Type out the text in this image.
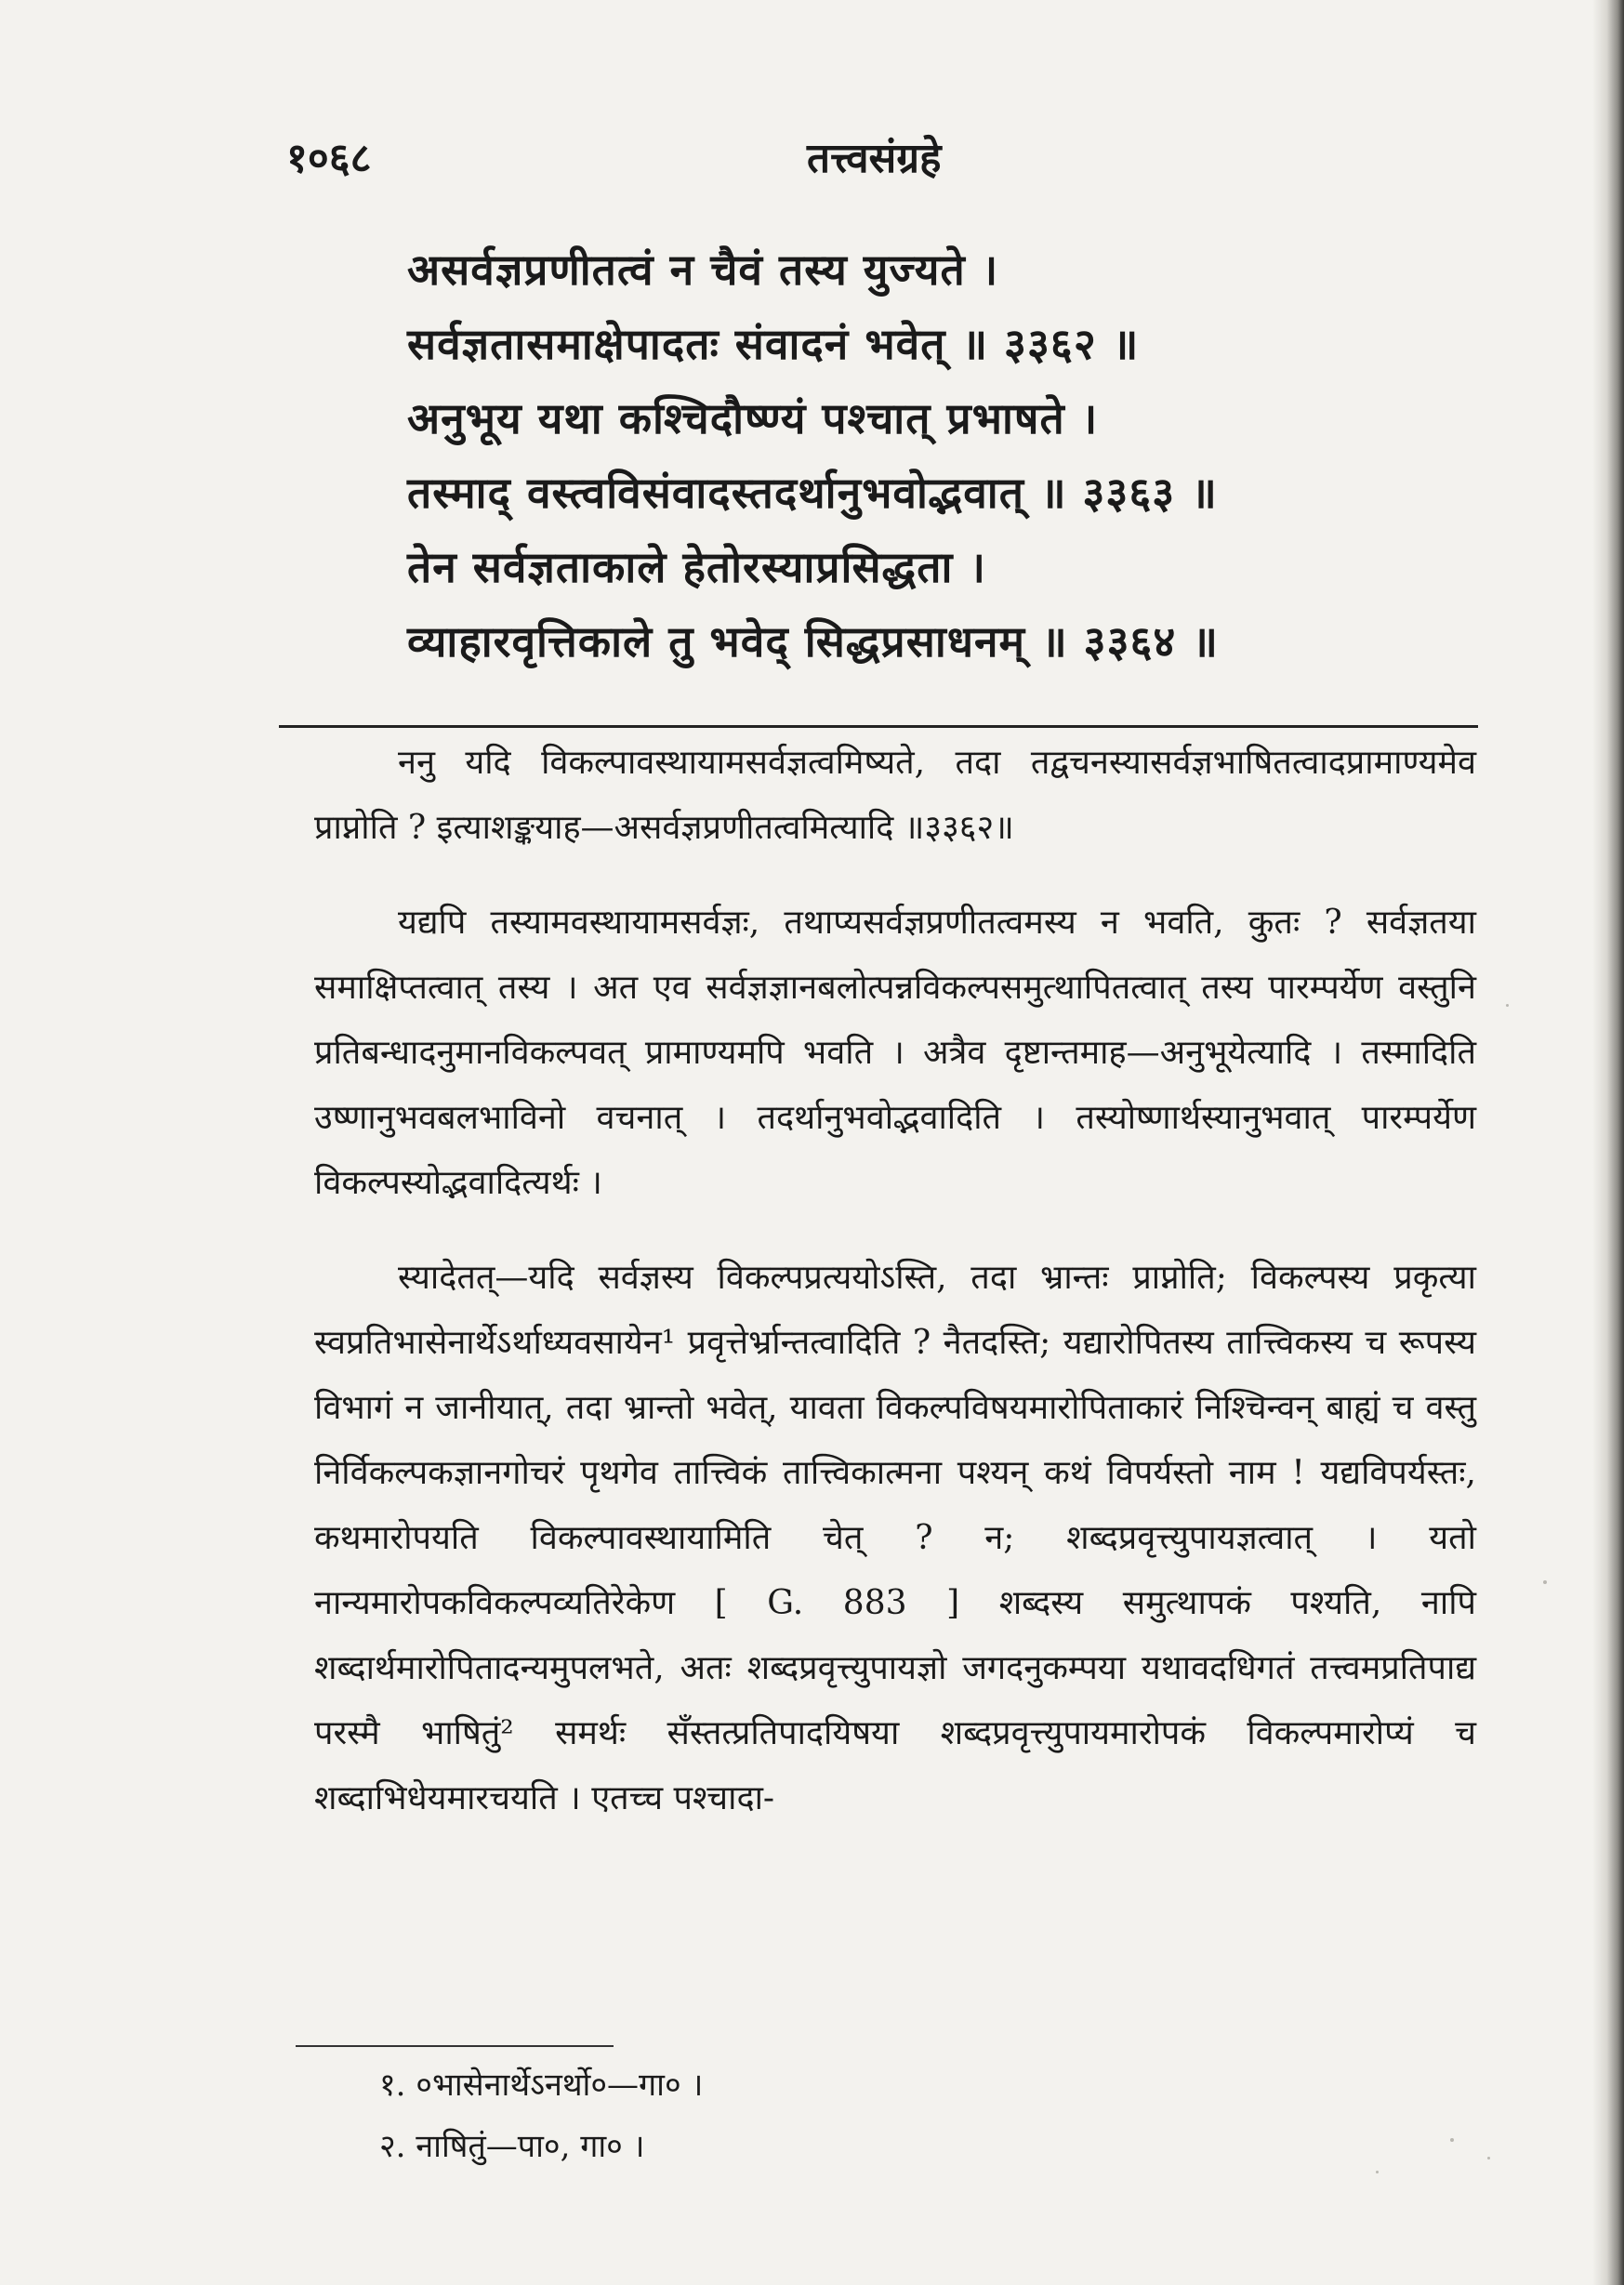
१०६८	तत्त्वसंग्रहे
असर्वज्ञप्रणीतत्वं न चैवं तस्य युज्यते ।
सर्वज्ञतासमाक्षेपादतः संवादनं भवेत् ॥ ३३६२ ॥
अनुभूय यथा कश्चिदौष्ण्यं पश्चात् प्रभाषते ।
तस्माद् वस्त्वविसंवादस्तदर्थानुभवोद्भवात् ॥ ३३६३ ॥
तेन सर्वज्ञताकाले हेतोरस्याप्रसिद्धता ।
व्याहारवृत्तिकाले तु भवेद् सिद्धप्रसाधनम् ॥ ३३६४ ॥

ननु यदि विकल्पावस्थायामसर्वज्ञत्वमिष्यते, तदा तद्वचनस्यासर्वज्ञभाषितत्वादप्रामाण्यमेव प्राप्नोति ? इत्याशङ्कयाह—असर्वज्ञप्रणीतत्वमित्यादि ॥३३६२॥

यद्यपि तस्यामवस्थायामसर्वज्ञः, तथाप्यसर्वज्ञप्रणीतत्वमस्य न भवति, कुतः ? सर्वज्ञतया समाक्षिप्तत्वात् तस्य । अत एव सर्वज्ञज्ञानबलोत्पन्नविकल्पसमुत्थापितत्वात् तस्य पारम्पर्येण वस्तुनि प्रतिबन्धादनुमानविकल्पवत् प्रामाण्यमपि भवति । अत्रैव दृष्टान्तमाह—अनुभूयेत्यादि । तस्मादिति उष्णानुभवबलभाविनो वचनात् । तदर्थानुभवोद्भवादिति । तस्योष्णार्थस्यानुभवात् पारम्पर्येण विकल्पस्योद्भवादित्यर्थः ।

स्यादेतत्—यदि सर्वज्ञस्य विकल्पप्रत्ययोऽस्ति, तदा भ्रान्तः प्राप्नोति; विकल्पस्य प्रकृत्या स्वप्रतिभासेनार्थेऽर्थाध्यवसायेन¹ प्रवृत्तेर्भ्रान्तत्वादिति ? नैतदस्ति; यद्यारोपितस्य तात्त्विकस्य च रूपस्य विभागं न जानीयात्, तदा भ्रान्तो भवेत्, यावता विकल्पविषयमारोपिताकारं निश्चिन्वन् बाह्यं च वस्तु निर्विकल्पकज्ञानगोचरं पृथगेव तात्त्विकं तात्त्विकात्मना पश्यन् कथं विपर्यस्तो नाम ! यद्यविपर्यस्तः, कथमारोपयति विकल्पावस्थायामिति चेत् ? न; शब्दप्रवृत्त्युपायज्ञत्वात् । यतो नान्यमारोपकविकल्पव्यतिरेकेण [ G. 883 ] शब्दस्य समुत्थापकं पश्यति, नापि शब्दार्थमारोपितादन्यमुपलभते, अतः शब्दप्रवृत्त्युपायज्ञो जगदनुकम्पया यथावदधिगतं तत्त्वमप्रतिपाद्य परस्मै भाषितुं² समर्थः सँस्तत्प्रतिपादयिषया शब्दप्रवृत्त्युपायमारोपकं विकल्पमारोप्यं च शब्दाभिधेयमारचयति । एतच्च पश्चादा-

१. ०भासेनार्थेऽनर्थो०—गा० ।
२. नाषितुं—पा०, गा० ।
